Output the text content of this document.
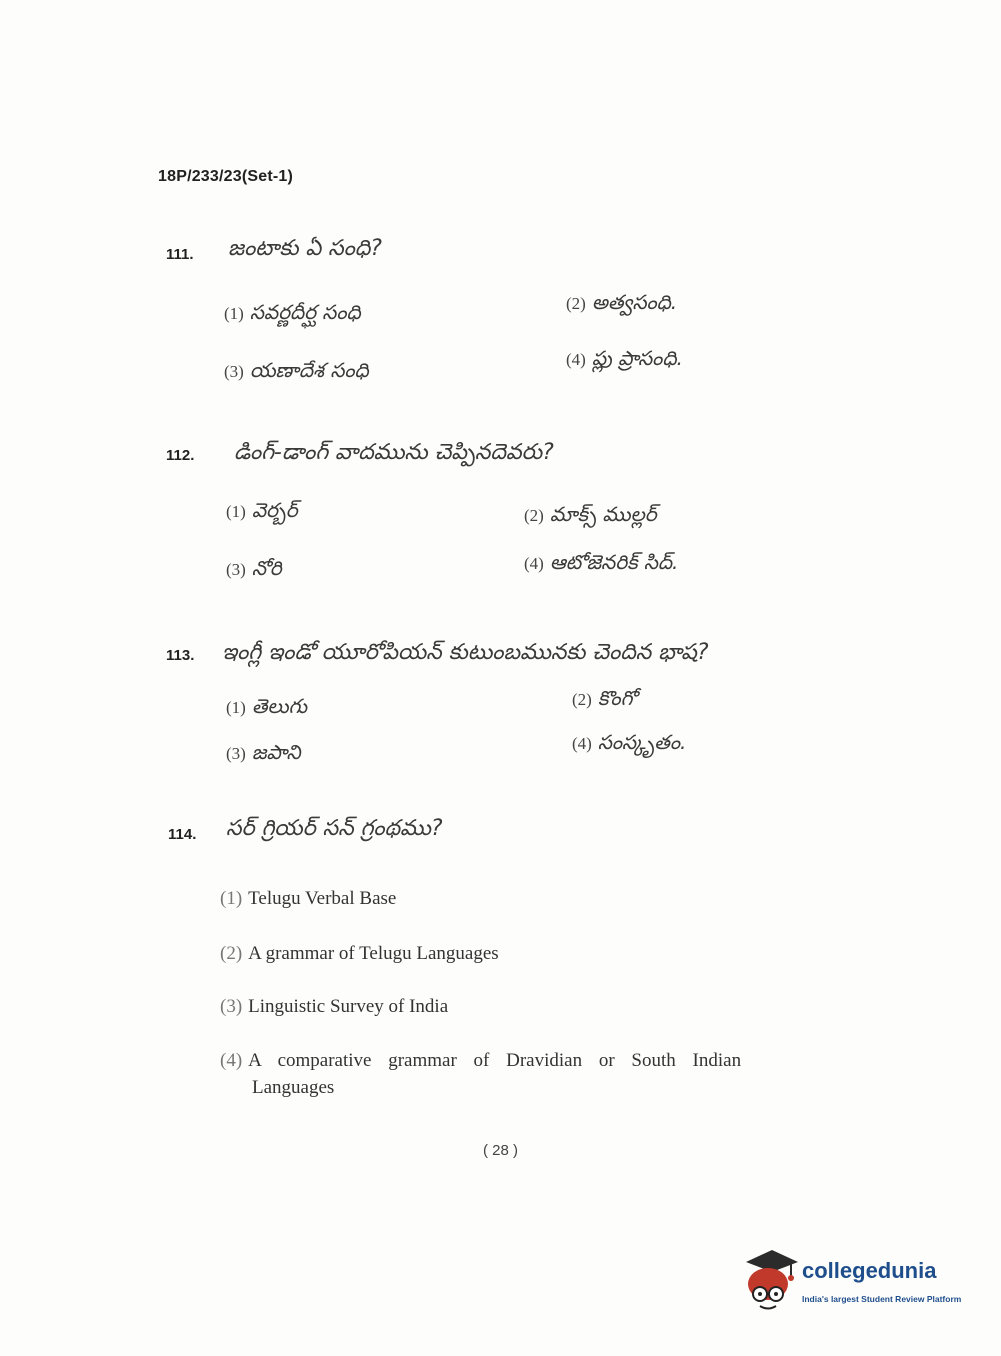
18P/233/23(Set-1)
111. జంటాకు ఏ సంధి?
(1) సవర్ణదీర్ఘ సంధి	(2) అత్వసంధి.
(3) యణాదేశ సంధి	(4) ప్లు ప్రాసంధి.
112. డింగ్-డాంగ్ వాదమును చెప్పినదెవరు?
(1) వెర్బర్	(2) మాక్స్ ముల్లర్
(3) నోరి	(4) ఆటోజెనరిక్ సిద్.
113. ఇంగ్లీ ఇండో యూరోపియన్ కుటుంబమునకు చెందిన భాష?
(1) తెలుగు	(2) కొంగో
(3) జపాని	(4) సంస్కృతం.
114. సర్ గ్రియర్ సన్ గ్రంథము?
(1) Telugu Verbal Base
(2) A grammar of Telugu Languages
(3) Linguistic Survey of India
(4) A comparative grammar of Dravidian or South Indian
Languages
( 28 )
collegedunia
India's largest Student Review Platform
